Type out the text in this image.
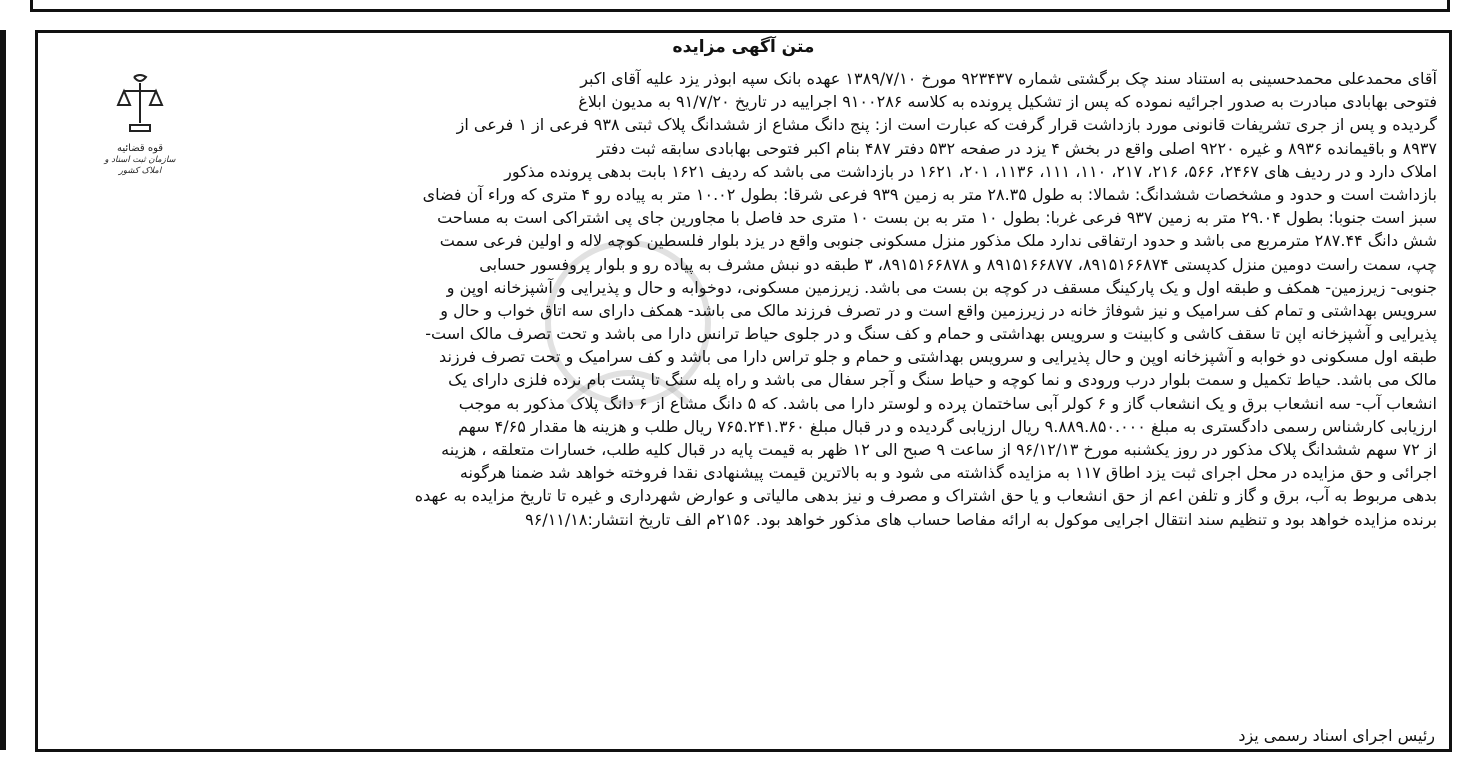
متن آگهی مزایده
قوه قضائیه
سازمان ثبت اسناد و املاک کشور
آقای محمدعلی محمدحسینی به استناد سند چک برگشتی شماره ۹۲۳۴۳۷ مورخ ۱۳۸۹/۷/۱۰ عهده بانک سپه ابوذر یزد علیه آقای اکبر
فتوحی بهابادی مبادرت به صدور اجرائیه نموده که پس از تشکیل پرونده به کلاسه ۹۱۰۰۲۸۶ اجراییه در تاریخ ۹۱/۷/۲۰ به مدیون ابلاغ
گردیده و پس از جری تشریفات قانونی مورد بازداشت قرار گرفت که عبارت است از: پنج دانگ مشاع از ششدانگ پلاک ثبتی ۹۳۸ فرعی از ۱ فرعی از
۸۹۳۷ و باقیمانده ۸۹۳۶ و غیره ۹۲۲۰ اصلی واقع در بخش ۴ یزد در صفحه ۵۳۲ دفتر ۴۸۷ بنام اکبر فتوحی بهابادی سابقه ثبت دفتر
املاک دارد و در ردیف های ۲۴۶۷، ۵۶۶، ۲۱۶، ۲۱۷، ۱۱۰، ۱۱۱، ۱۱۳۶، ۲۰۱، ۱۶۲۱ در بازداشت می باشد که ردیف ۱۶۲۱ بابت بدهی پرونده مذکور
بازداشت است و حدود و مشخصات ششدانگ: شمالا: به طول ۲۸.۳۵ متر به زمین ۹۳۹ فرعی شرقا: بطول ۱۰.۰۲ متر به پیاده رو ۴ متری که وراء آن فضای
سبز است جنوبا: بطول ۲۹.۰۴ متر به زمین ۹۳۷ فرعی غربا: بطول ۱۰ متر به بن بست ۱۰ متری حد فاصل با مجاورین جای پی اشتراکی است به مساحت
شش دانگ ۲۸۷.۴۴ مترمربع می باشد و حدود ارتفاقی ندارد ملک مذکور منزل مسکونی جنوبی واقع در یزد بلوار فلسطین کوچه لاله و اولین فرعی سمت
چپ، سمت راست دومین منزل کدپستی ۸۹۱۵۱۶۶۸۷۴، ۸۹۱۵۱۶۶۸۷۷ و ۸۹۱۵۱۶۶۸۷۸، ۳ طبقه دو نبش مشرف به پیاده رو و بلوار پروفسور حسابی
جنوبی- زیرزمین- همکف و طبقه اول و یک پارکینگ مسقف در کوچه بن بست می باشد. زیرزمین مسکونی، دوخوابه و حال و پذیرایی و آشپزخانه اوپن و
سرویس بهداشتی و تمام کف سرامیک و نیز شوفاژ خانه در زیرزمین واقع است و در تصرف فرزند مالک می باشد- همکف دارای سه اتاق خواب و حال و
پذیرایی و آشپزخانه اپن تا سقف کاشی و کابینت و سرویس بهداشتی و حمام و کف سنگ و در جلوی حیاط ترانس دارا می باشد و تحت تصرف مالک است-
طبقه اول مسکونی دو خوابه و آشپزخانه اوپن و حال پذیرایی و سرویس بهداشتی و حمام و جلو تراس دارا می باشد و کف سرامیک و تحت تصرف فرزند
مالک می باشد. حیاط تکمیل و سمت بلوار درب ورودی و نما کوچه و حیاط سنگ و آجر سفال می باشد و راه پله سنگ تا پشت بام نرده فلزی دارای یک
انشعاب آب- سه انشعاب برق و یک انشعاب گاز و ۶ کولر آبی ساختمان پرده و لوستر دارا می باشد. که ۵ دانگ مشاع از ۶ دانگ پلاک مذکور به موجب
ارزیابی کارشناس رسمی دادگستری به مبلغ ۹.۸۸۹.۸۵۰.۰۰۰ ریال ارزیابی گردیده و در قبال مبلغ ۷۶۵.۲۴۱.۳۶۰ ریال طلب و هزینه ها مقدار ۴/۶۵ سهم
از ۷۲ سهم ششدانگ پلاک مذکور در روز یکشنبه مورخ ۹۶/۱۲/۱۳ از ساعت ۹ صبح الی ۱۲ ظهر به قیمت پایه در قبال کلیه طلب، خسارات متعلقه ، هزینه
اجرائی و حق مزایده در محل اجرای ثبت یزد اطاق ۱۱۷ به مزایده گذاشته می شود و به بالاترین قیمت پیشنهادی نقدا فروخته خواهد شد ضمنا هرگونه
بدهی مربوط به آب، برق و گاز و تلفن اعم از حق انشعاب و یا حق اشتراک و مصرف و نیز بدهی مالیاتی و عوارض شهرداری و غیره تا تاریخ مزایده به عهده
برنده مزایده خواهد بود و تنظیم سند انتقال اجرایی موکول به ارائه مفاصا حساب های مذکور خواهد بود. ۲۱۵۶م الف تاریخ انتشار:۹۶/۱۱/۱۸
رئیس اجرای اسناد رسمی یزد
